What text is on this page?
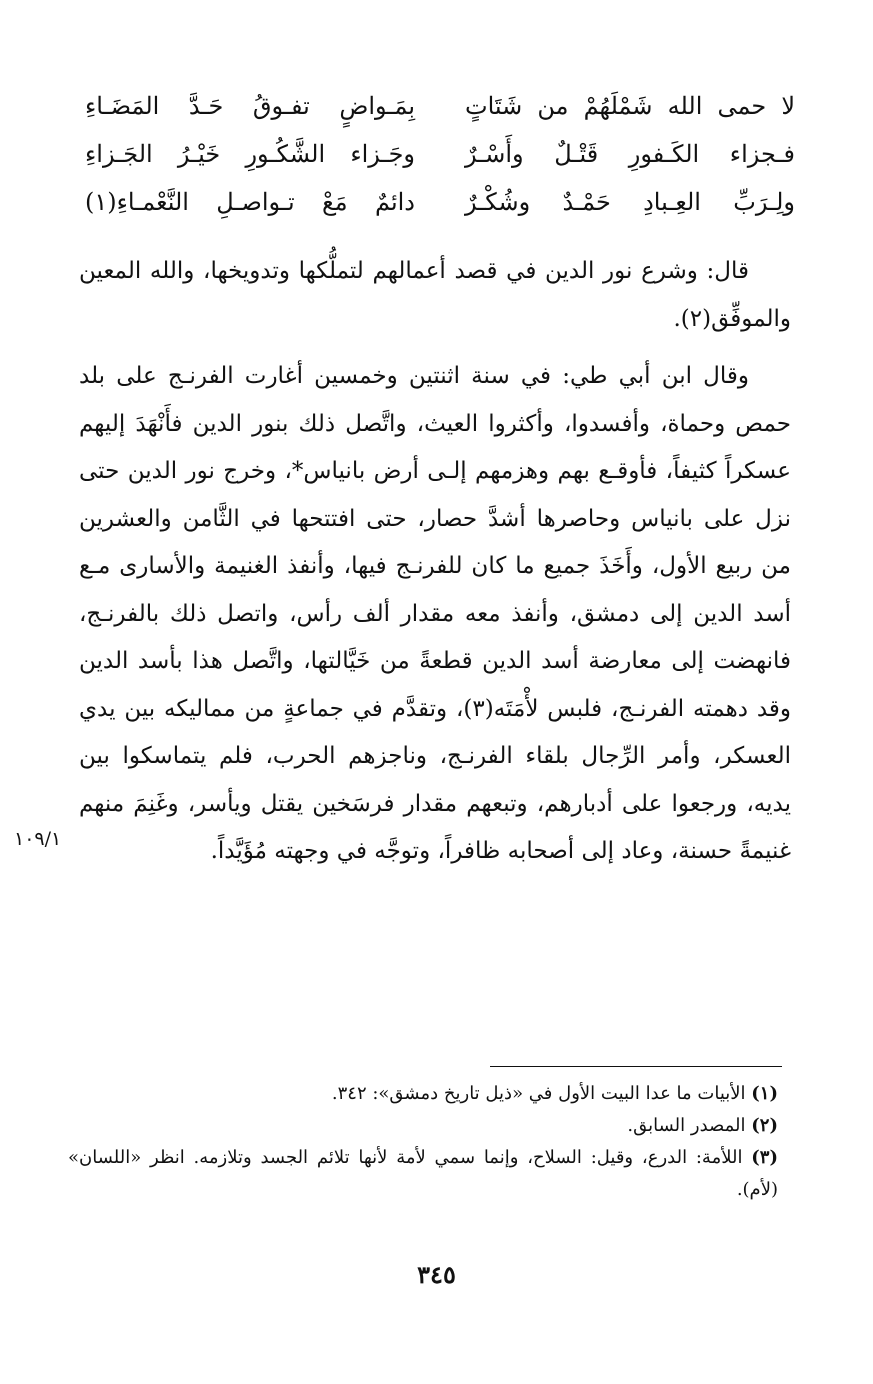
لا حمى الله شَمْلَهُمْ من شَتَاتٍ
بِمَـواضٍ تفـوقُ حَـدَّ المَضَـاءِ
فـجزاء الكَـفورِ قَتْـلٌ وأَسْـرٌ
وجَـزاء الشَّكُـورِ خَيْـرُ الجَـزاءِ
ولِـرَبِّ العِـبادِ حَمْـدٌ وشُكْـرٌ
دائمٌ مَعْ تـواصـلِ النَّعْمـاءِ(١)

قال: وشرع نور الدين في قصد أعمالهم لتملُّكها وتدويخها، والله المعين والموفِّق(٢).

وقال ابن أبي طي: في سنة اثنتين وخمسين أغارت الفرنـج على بلد حمص وحماة، وأفسدوا، وأكثروا العيث، واتَّصل ذلك بنور الدين فأَنْهَدَ إليهم عسكراً كثيفاً، فأوقـع بهم وهزمهم إلـى أرض بانياس*، وخرج نور الدين حتى نزل على بانياس وحاصرها أشدَّ حصار، حتى افتتحها في الثَّامن والعشرين من ربيع الأول، وأَخَذَ جميع ما كان للفرنـج فيها، وأنفذ الغنيمة والأسارى مـع أسد الدين إلى دمشق، وأنفذ معه مقدار ألف رأس، واتصل ذلك بالفرنـج، فانهضت إلى معارضة أسد الدين قطعةً من خَيَّالتها، واتَّصل هذا بأسد الدين وقد دهمته الفرنـج، فلبس لأْمَتَه(٣)، وتقدَّم في جماعةٍ من مماليكه بين يدي العسكر، وأمر الرِّجال بلقاء الفرنـج، وناجزهم الحرب، فلم يتماسكوا بين يديه، ورجعوا على أدبارهم، وتبعهم مقدار فرسَخين يقتل ويأسر، وغَنِمَ منهم غنيمةً حسنة، وعاد إلى أصحابه ظافراً، وتوجَّه في وجهته مُؤَيَّداً.

١٠٩/١

(١) الأبيات ما عدا البيت الأول في «ذيل تاريخ دمشق»: ٣٤٢.

(٢) المصدر السابق.

(٣) اللأمة: الدرع، وقيل: السلاح، وإنما سمي لأمة لأنها تلائم الجسد وتلازمه. انظر «اللسان» (لأم).

٣٤٥
